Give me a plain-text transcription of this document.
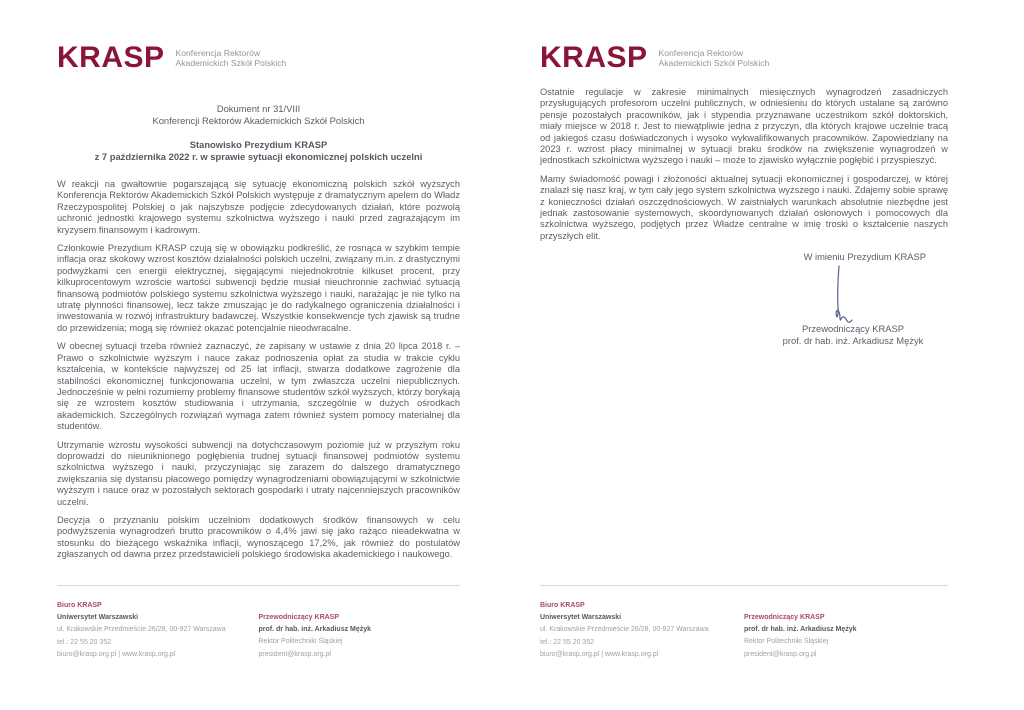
KRASP Konferencja Rektorów
Akademickich Szkół Polskich
Dokument nr 31/VIII
Konferencji Rektorów Akademickich Szkół Polskich
Stanowisko Prezydium KRASP
z 7 października 2022 r. w sprawie sytuacji ekonomicznej polskich uczelni

W reakcji na gwałtownie pogarszającą się sytuację ekonomiczną polskich szkół wyższych Konferencja Rektorów Akademickich Szkół Polskich występuje z dramatycznym apelem do Władz Rzeczypospolitej Polskiej o jak najszybsze podjęcie zdecydowanych działań, które pozwolą uchronić jednostki krajowego systemu szkolnictwa wyższego i nauki przed zagrażającym im kryzysem finansowym i kadrowym.

Członkowie Prezydium KRASP czują się w obowiązku podkreślić, że rosnąca w szybkim tempie inflacja oraz skokowy wzrost kosztów działalności polskich uczelni, związany m.in. z drastycznymi podwyżkami cen energii elektrycznej, sięgającymi niejednokrotnie kilkuset procent, przy kilkuprocentowym wzroście wartości subwencji będzie musiał nieuchronnie zachwiać sytuacją finansową podmiotów polskiego systemu szkolnictwa wyższego i nauki, narażając je nie tylko na utratę płynności finansowej, lecz także zmuszając je do radykalnego ograniczenia działalności i inwestowania w rozwój infrastruktury badawczej. Wszystkie konsekwencje tych zjawisk są trudne do przewidzenia; mogą się również okazać potencjalnie nieodwracalne.

W obecnej sytuacji trzeba również zaznaczyć, że zapisany w ustawie z dnia 20 lipca 2018 r. – Prawo o szkolnictwie wyższym i nauce zakaz podnoszenia opłat za studia w trakcie cyklu kształcenia, w kontekście najwyższej od 25 lat inflacji, stwarza dodatkowe zagrożenie dla stabilności ekonomicznej funkcjonowania uczelni, w tym zwłaszcza uczelni niepublicznych. Jednocześnie w pełni rozumiemy problemy finansowe studentów szkół wyższych, którzy borykają się ze wzrostem kosztów studiowania i utrzymania, szczególnie w dużych ośrodkach akademickich. Szczególnych rozwiązań wymaga zatem również system pomocy materialnej dla studentów.

Utrzymanie wzrostu wysokości subwencji na dotychczasowym poziomie już w przyszłym roku doprowadzi do nieuniknionego pogłębienia trudnej sytuacji finansowej podmiotów systemu szkolnictwa wyższego i nauki, przyczyniając się zarazem do dalszego dramatycznego zwiększania się dystansu płacowego pomiędzy wynagrodzeniami obowiązującymi w szkolnictwie wyższym i nauce oraz w pozostałych sektorach gospodarki i utraty najcenniejszych pracowników uczelni.

Decyzja o przyznaniu polskim uczelniom dodatkowych środków finansowych w celu podwyższenia wynagrodzeń brutto pracowników o 4,4% jawi się jako rażąco nieadekwatna w stosunku do bieżącego wskaźnika inflacji, wynoszącego 17,2%, jak również do postulatów zgłaszanych od dawna przez przedstawicieli polskiego środowiska akademickiego i naukowego.

Biuro KRASP
Uniwersytet Warszawski
ul. Krakowskie Przedmieście 26/28, 00-927 Warszawa
tel.: 22 55 20 352
biuro@krasp.org.pl | www.krasp.org.pl
Przewodniczący KRASP
prof. dr hab. inż. Arkadiusz Mężyk
Rektor Politechniki Śląskiej
president@krasp.org.pl
KRASP Konferencja Rektorów
Akademickich Szkół Polskich

Ostatnie regulacje w zakresie minimalnych miesięcznych wynagrodzeń zasadniczych przysługujących profesorom uczelni publicznych, w odniesieniu do których ustalane są zarówno pensje pozostałych pracowników, jak i stypendia przyznawane uczestnikom szkół doktorskich, miały miejsce w 2018 r. Jest to niewątpliwie jedna z przyczyn, dla których krajowe uczelnie tracą od jakiegoś czasu doświadczonych i wysoko wykwalifikowanych pracowników. Zapowiedziany na 2023 r. wzrost płacy minimalnej w sytuacji braku środków na zwiększenie wynagrodzeń w jednostkach szkolnictwa wyższego i nauki – może to zjawisko wyłącznie pogłębić i przyspieszyć.

Mamy świadomość powagi i złożoności aktualnej sytuacji ekonomicznej i gospodarczej, w której znalazł się nasz kraj, w tym cały jego system szkolnictwa wyższego i nauki. Zdajemy sobie sprawę z konieczności działań oszczędnościowych. W zaistniałych warunkach absolutnie niezbędne jest jednak zastosowanie systemowych, skoordynowanych działań osłonowych i pomocowych dla szkolnictwa wyższego, podjętych przez Władze centralne w imię troski o kształcenie naszych przyszłych elit.

W imieniu Prezydium KRASP
Przewodniczący KRASP
prof. dr hab. inż. Arkadiusz Mężyk
Biuro KRASP
Uniwersytet Warszawski
ul. Krakowskie Przedmieście 26/28, 00-927 Warszawa
tel.: 22 55 20 352
biuro@krasp.org.pl | www.krasp.org.pl
Przewodniczący KRASP
prof. dr hab. inż. Arkadiusz Mężyk
Rektor Politechniki Śląskiej
president@krasp.org.pl
